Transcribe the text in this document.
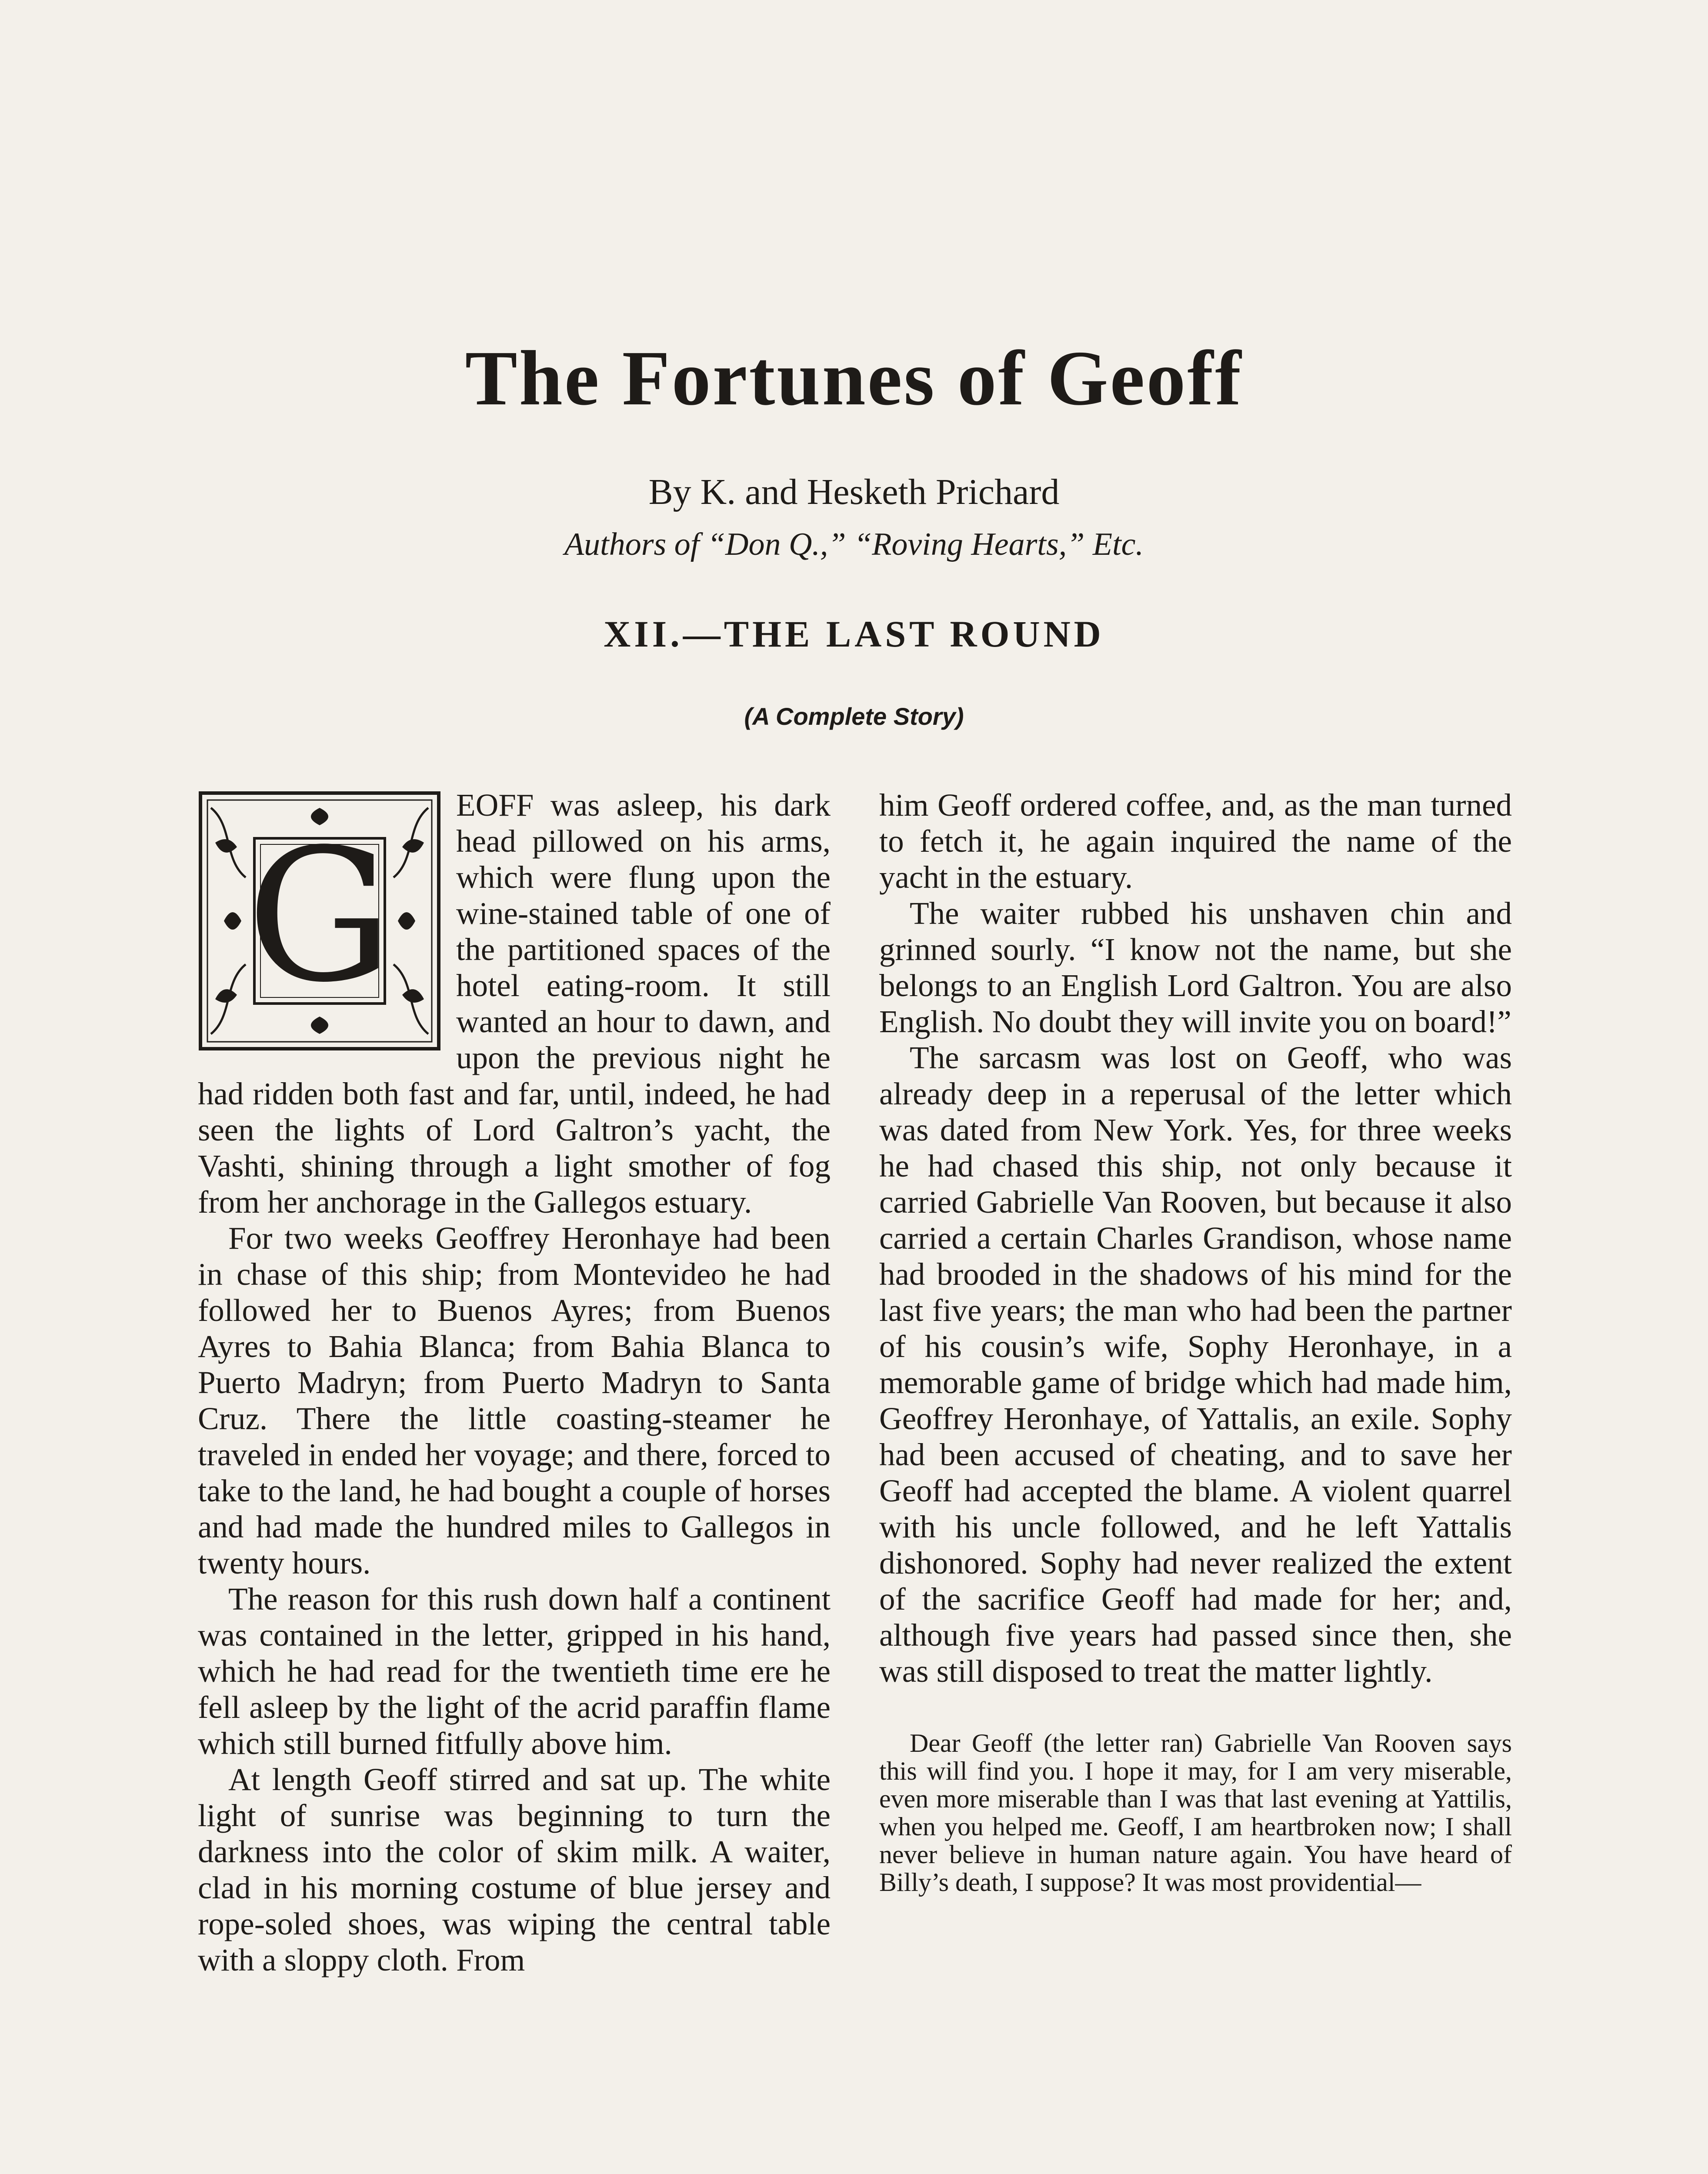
The Fortunes of Geoff
By K. and Hesketh Prichard
Authors of “Don Q.,” “Roving Hearts,” Etc.
XII.—THE LAST ROUND
(A Complete Story)
G

EOFF was asleep, his dark head pillowed on his arms, which were flung upon the wine-stained table of one of the partitioned spaces of the hotel eating-room. It still wanted an hour to dawn, and upon the previous night he had ridden both fast and far, until, indeed, he had seen the lights of Lord Galtron’s yacht, the Vashti, shining through a light smother of fog from her anchorage in the Gallegos estuary.

For two weeks Geoffrey Heronhaye had been in chase of this ship; from Montevideo he had followed her to Buenos Ayres; from Buenos Ayres to Bahia Blanca; from Bahia Blanca to Puerto Madryn; from Puerto Madryn to Santa Cruz. There the little coasting-steamer he traveled in ended her voyage; and there, forced to take to the land, he had bought a couple of horses and had made the hundred miles to Gallegos in twenty hours.

The reason for this rush down half a continent was contained in the letter, gripped in his hand, which he had read for the twentieth time ere he fell asleep by the light of the acrid paraffin flame which still burned fitfully above him.

At length Geoff stirred and sat up. The white light of sunrise was beginning to turn the darkness into the color of skim milk. A waiter, clad in his morning costume of blue jersey and rope-soled shoes, was wiping the central table with a sloppy cloth. From

him Geoff ordered coffee, and, as the man turned to fetch it, he again inquired the name of the yacht in the estuary.

The waiter rubbed his unshaven chin and grinned sourly. “I know not the name, but she belongs to an English Lord Galtron. You are also English. No doubt they will invite you on board!”

The sarcasm was lost on Geoff, who was already deep in a reperusal of the letter which was dated from New York. Yes, for three weeks he had chased this ship, not only because it carried Gabrielle Van Rooven, but because it also carried a certain Charles Grandison, whose name had brooded in the shadows of his mind for the last five years; the man who had been the partner of his cousin’s wife, Sophy Heronhaye, in a memorable game of bridge which had made him, Geoffrey Heronhaye, of Yattalis, an exile. Sophy had been accused of cheating, and to save her Geoff had accepted the blame. A violent quarrel with his uncle followed, and he left Yattalis dishonored. Sophy had never realized the extent of the sacrifice Geoff had made for her; and, although five years had passed since then, she was still disposed to treat the matter lightly.

Dear Geoff (the letter ran) Gabrielle Van Rooven says this will find you. I hope it may, for I am very miserable, even more miserable than I was that last evening at Yattilis, when you helped me. Geoff, I am heartbroken now; I shall never believe in human nature again. You have heard of Billy’s death, I suppose? It was most providential—
